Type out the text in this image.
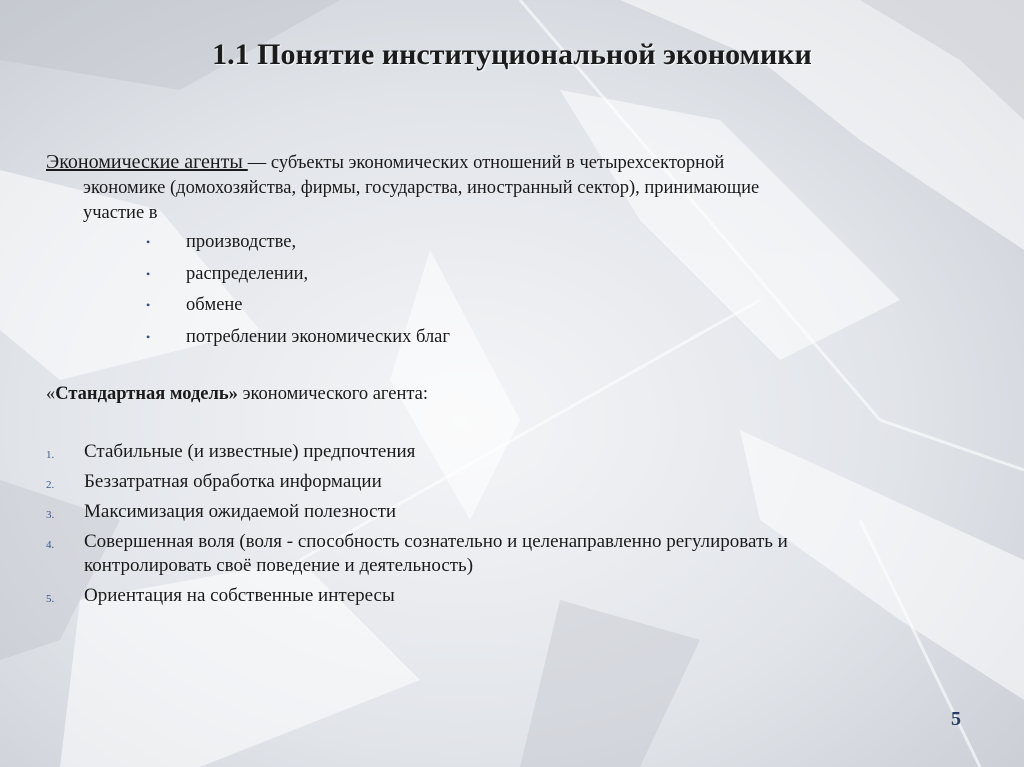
1.1 Понятие институциональной экономики
Экономические агенты — субъекты экономических отношений в четырехсекторной
экономике (домохозяйства, фирмы, государства, иностранный сектор), принимающие
участие в
• производстве,
• распределении,
• обмене
• потреблении экономических благ
«Стандартная модель» экономического агента:
1. Стабильные (и известные) предпочтения
2. Беззатратная обработка информации
3. Максимизация ожидаемой полезности
4. Совершенная воля (воля - способность сознательно и целенаправленно регулировать и
контролировать своё поведение и деятельность)
5. Ориентация на собственные интересы
5
